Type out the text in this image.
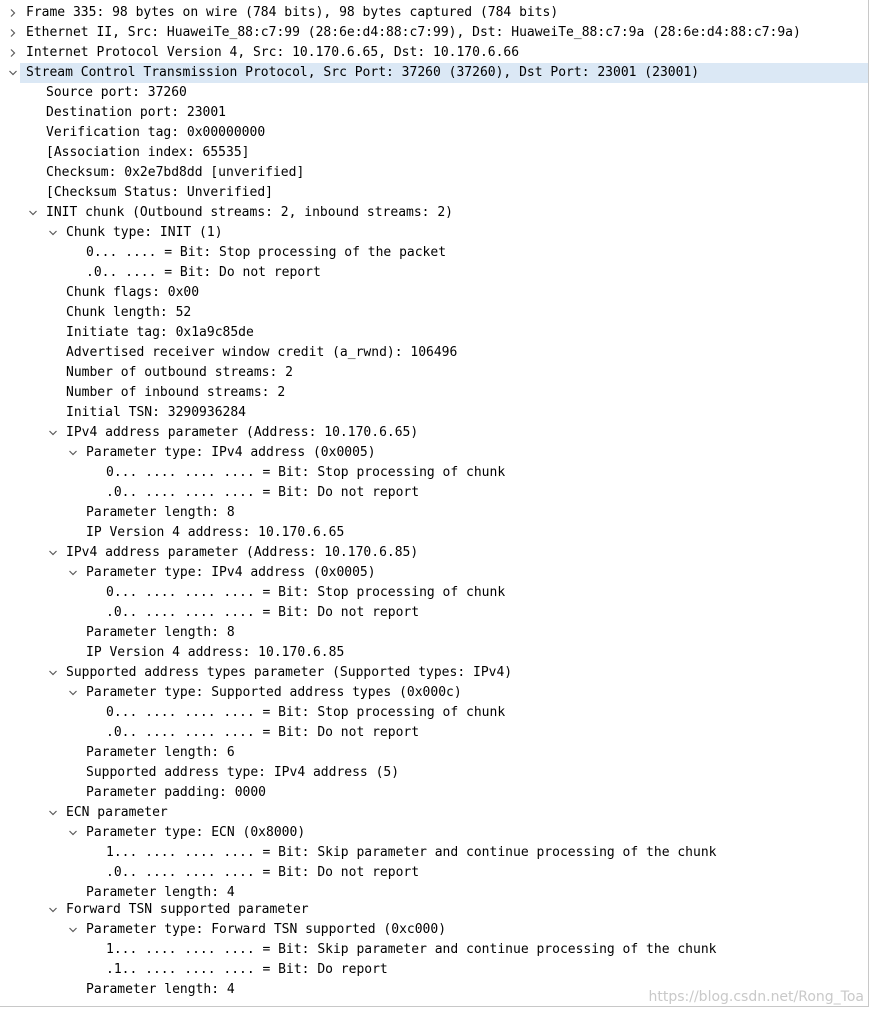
Frame 335: 98 bytes on wire (784 bits), 98 bytes captured (784 bits)
Ethernet II, Src: HuaweiTe_88:c7:99 (28:6e:d4:88:c7:99), Dst: HuaweiTe_88:c7:9a (28:6e:d4:88:c7:9a)
Internet Protocol Version 4, Src: 10.170.6.65, Dst: 10.170.6.66
Stream Control Transmission Protocol, Src Port: 37260 (37260), Dst Port: 23001 (23001)
Source port: 37260
Destination port: 23001
Verification tag: 0x00000000
[Association index: 65535]
Checksum: 0x2e7bd8dd [unverified]
[Checksum Status: Unverified]
INIT chunk (Outbound streams: 2, inbound streams: 2)
Chunk type: INIT (1)
0... .... = Bit: Stop processing of the packet
.0.. .... = Bit: Do not report
Chunk flags: 0x00
Chunk length: 52
Initiate tag: 0x1a9c85de
Advertised receiver window credit (a_rwnd): 106496
Number of outbound streams: 2
Number of inbound streams: 2
Initial TSN: 3290936284
IPv4 address parameter (Address: 10.170.6.65)
Parameter type: IPv4 address (0x0005)
0... .... .... .... = Bit: Stop processing of chunk
.0.. .... .... .... = Bit: Do not report
Parameter length: 8
IP Version 4 address: 10.170.6.65
IPv4 address parameter (Address: 10.170.6.85)
Parameter type: IPv4 address (0x0005)
0... .... .... .... = Bit: Stop processing of chunk
.0.. .... .... .... = Bit: Do not report
Parameter length: 8
IP Version 4 address: 10.170.6.85
Supported address types parameter (Supported types: IPv4)
Parameter type: Supported address types (0x000c)
0... .... .... .... = Bit: Stop processing of chunk
.0.. .... .... .... = Bit: Do not report
Parameter length: 6
Supported address type: IPv4 address (5)
Parameter padding: 0000
ECN parameter
Parameter type: ECN (0x8000)
1... .... .... .... = Bit: Skip parameter and continue processing of the chunk
.0.. .... .... .... = Bit: Do not report
Parameter length: 4
Forward TSN supported parameter
Parameter type: Forward TSN supported (0xc000)
1... .... .... .... = Bit: Skip parameter and continue processing of the chunk
.1.. .... .... .... = Bit: Do report
Parameter length: 4	https://blog.csdn.net/Rong_Toa
